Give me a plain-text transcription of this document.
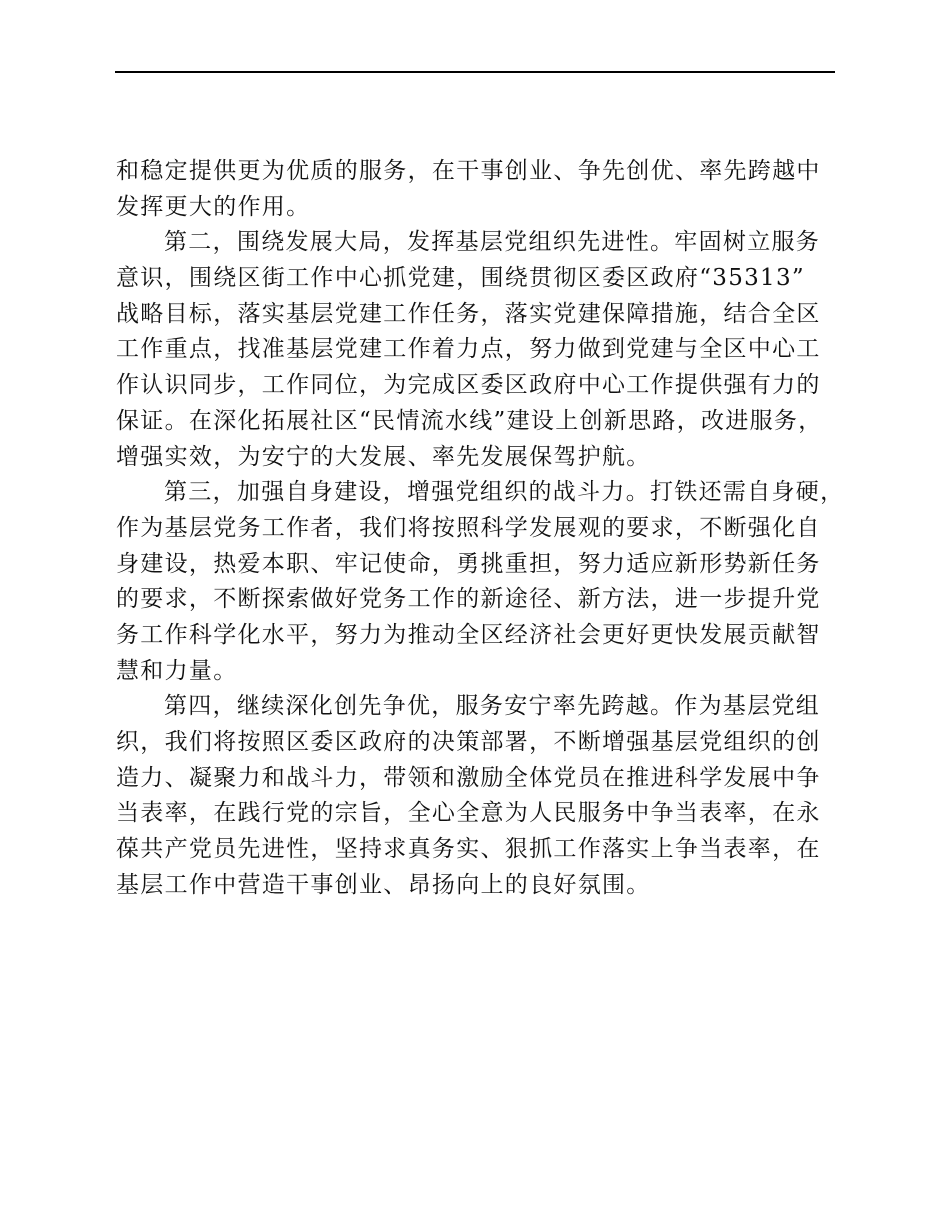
和稳定提供更为优质的服务，在干事创业、争先创优、率先跨越中
发挥更大的作用。
第二，围绕发展大局，发挥基层党组织先进性。牢固树立服务
意识，围绕区街工作中心抓党建，围绕贯彻区委区政府“35313”
战略目标，落实基层党建工作任务，落实党建保障措施，结合全区
工作重点，找准基层党建工作着力点，努力做到党建与全区中心工
作认识同步，工作同位，为完成区委区政府中心工作提供强有力的
保证。在深化拓展社区“民情流水线”建设上创新思路，改进服务，
增强实效，为安宁的大发展、率先发展保驾护航。
第三，加强自身建设，增强党组织的战斗力。打铁还需自身硬，
作为基层党务工作者，我们将按照科学发展观的要求，不断强化自
身建设，热爱本职、牢记使命，勇挑重担，努力适应新形势新任务
的要求，不断探索做好党务工作的新途径、新方法，进一步提升党
务工作科学化水平，努力为推动全区经济社会更好更快发展贡献智
慧和力量。
第四，继续深化创先争优，服务安宁率先跨越。作为基层党组
织，我们将按照区委区政府的决策部署，不断增强基层党组织的创
造力、凝聚力和战斗力，带领和激励全体党员在推进科学发展中争
当表率，在践行党的宗旨，全心全意为人民服务中争当表率，在永
葆共产党员先进性，坚持求真务实、狠抓工作落实上争当表率，在
基层工作中营造干事创业、昂扬向上的良好氛围。
